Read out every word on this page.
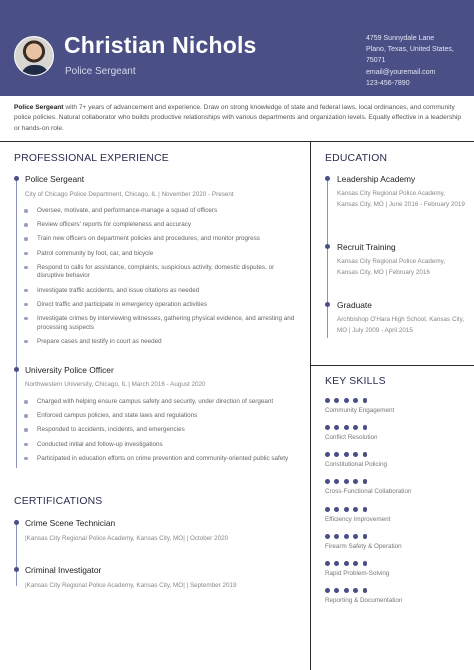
Christian Nichols
Police Sergeant
4759 Sunnydale Lane
Plano, Texas, United States,
75071
email@youremail.com
123-456-7890
Police Sergeant with 7+ years of advancement and experience. Draw on strong knowledge of state and federal laws, local ordinances, and community police policies. Natural collaborator who builds productive relationships with various departments and organization levels. Equally effective in a leadership or hands-on role.
PROFESSIONAL EXPERIENCE
Police Sergeant
City of Chicago Police Department, Chicago, IL | November 2020 - Present
Oversee, motivate, and performance-manage a squad of officers
Review officers' reports for completeness and accuracy
Train new officers on department policies and procedures, and monitor progress
Patrol community by foot, car, and bicycle
Respond to calls for assistance, complaints, suspicious activity, domestic disputes, or disruptive behavior
Investigate traffic accidents, and issue citations as needed
Direct traffic and participate in emergency operation activities
Investigate crimes by interviewing witnesses, gathering physical evidence, and arresting and processing suspects
Prepare cases and testify in court as needed
University Police Officer
Northwestern University, Chicago, IL | March 2016 - August 2020
Charged with helping ensure campus safety and security, under direction of sergeant
Enforced campus policies, and state laws and regulations
Responded to accidents, incidents, and emergencies
Conducted initial and follow-up investigations
Participated in education efforts on crime prevention and community-oriented public safety
CERTIFICATIONS
Crime Scene Technician
|Kansas City Regional Police Academy, Kansas City, MO| | October 2020
Criminal Investigator
|Kansas City Regional Police Academy, Kansas City, MO| | September 2019
EDUCATION
Leadership Academy
Kansas City Regional Police Academy, Kansas City, MO | June 2016 - February 2019
Recruit Training
Kansas City Regional Police Academy, Kansas City, MO | February 2016
Graduate
Archbishop O'Hara High School, Kansas City, MO | July 2009 - April 2015
KEY SKILLS
Community Engagement
Conflict Resolution
Constitutional Policing
Cross-Functional Collaboration
Efficiency Improvement
Firearm Safety & Operation
Rapid Problem-Solving
Reporting & Documentation
